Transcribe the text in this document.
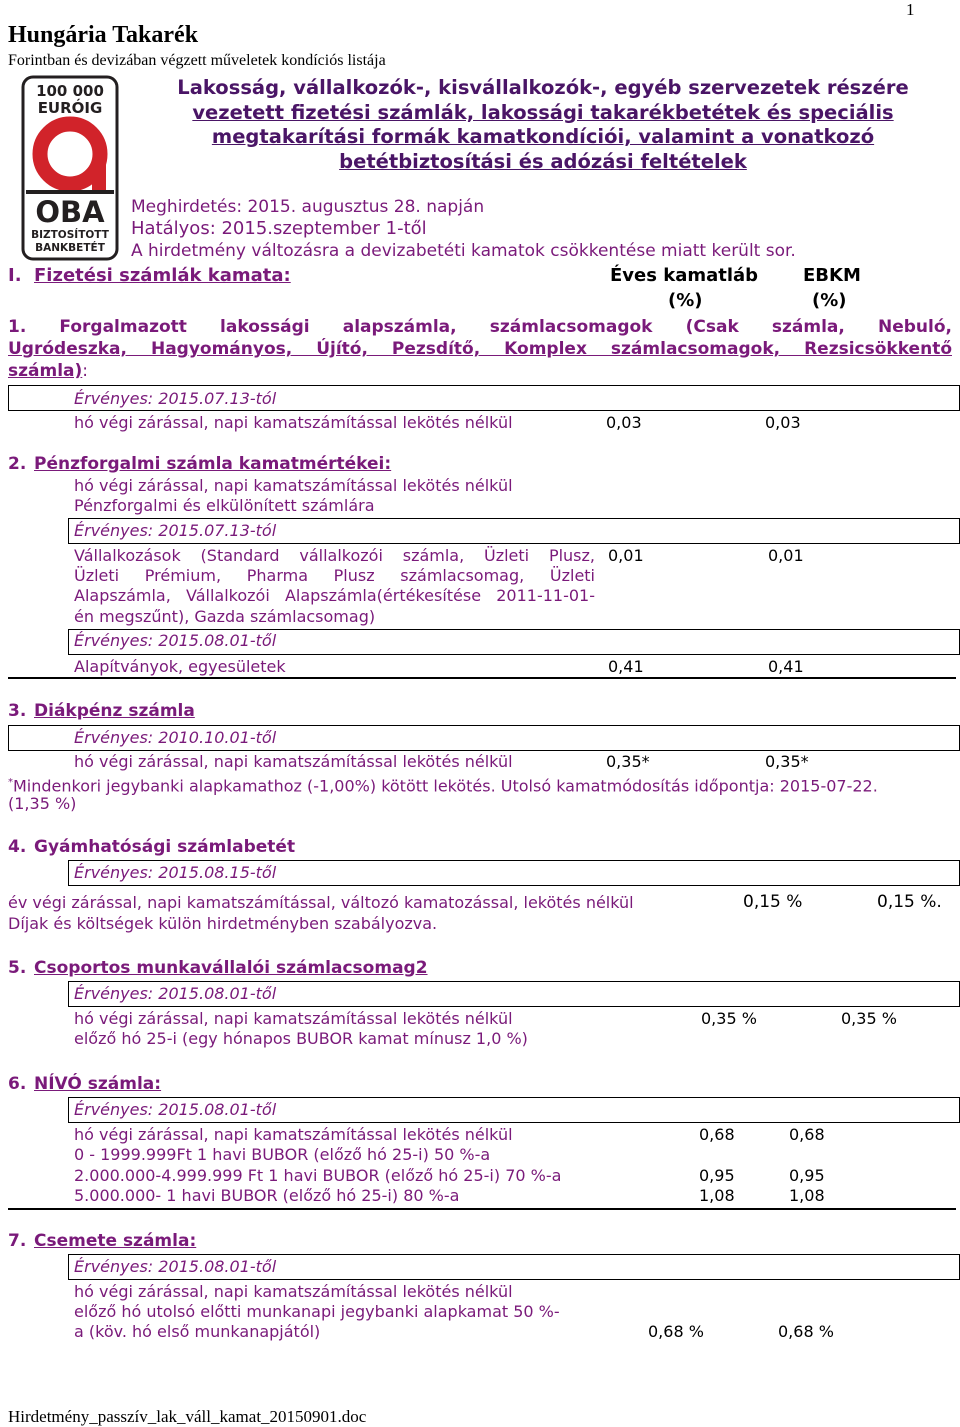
1
Hungária Takarék
Forintban és devizában végzett műveletek kondíciós listája
100 000
EURÓIG
OBA
BIZTOSÍTOTT
BANKBETÉT
Lakosság, vállalkozók-, kisvállalkozók-, egyéb szervezetek részére
vezetett fizetési számlák, lakossági takarékbetétek és speciális
megtakarítási formák kamatkondíciói, valamint a vonatkozó
betétbiztosítási és adózási feltételek
Meghirdetés: 2015. augusztus 28. napján
Hatályos: 2015.szeptember 1-től
A hirdetmény változásra a devizabetéti kamatok csökkentése miatt került sor.
I. Fizetési számlák kamata:	Éves kamatláb
(%)
EBKM
(%)
1. Forgalmazott lakossági alapszámla, számlacsomagok (Csak számla, Nebuló,
Ugródeszka, Hagyományos, Újító, Pezsdítő, Komplex számlacsomagok, Rezsicsökkentő
számla):
Érvényes: 2015.07.13-tól
hó végi zárással, napi kamatszámítással lekötés nélkül	0,03	0,03
2. Pénzforgalmi számla kamatmértékei:
hó végi zárással, napi kamatszámítással lekötés nélkül
Pénzforgalmi és elkülönített számlára
Érvényes: 2015.07.13-tól
Vállalkozások (Standard vállalkozói számla, Üzleti Plusz,
Üzleti Prémium, Pharma Plusz számlacsomag, Üzleti
Alapszámla, Vállalkozói Alapszámla(értékesítése 2011-11-01-
én megszűnt), Gazda számlacsomag)
0,01	0,01
Érvényes: 2015.08.01-től
Alapítványok, egyesületek	0,41	0,41
3. Diákpénz számla
Érvényes: 2010.10.01-től
hó végi zárással, napi kamatszámítással lekötés nélkül	0,35*	0,35*
*Mindenkori jegybanki alapkamathoz (-1,00%) kötött lekötés. Utolsó kamatmódosítás időpontja: 2015-07-22.
(1,35 %)
4. Gyámhatósági számlabetét
Érvényes: 2015.08.15-től
év végi zárással, napi kamatszámítással, változó kamatozással, lekötés nélkül	0,15 %	0,15 %.
Díjak és költségek külön hirdetményben szabályozva.
5. Csoportos munkavállalói számlacsomag2
Érvényes: 2015.08.01-től
hó végi zárással, napi kamatszámítással lekötés nélkül	0,35 %	0,35 %
előző hó 25-i (egy hónapos BUBOR kamat mínusz 1,0 %)
6. NÍVÓ számla:
Érvényes: 2015.08.01-től
hó végi zárással, napi kamatszámítással lekötés nélkül	0,68	0,68
0 - 1999.999Ft 1 havi BUBOR (előző hó 25-i) 50 %-a
2.000.000-4.999.999 Ft 1 havi BUBOR (előző hó 25-i) 70 %-a	0,95	0,95
5.000.000- 1 havi BUBOR (előző hó 25-i) 80 %-a	1,08	1,08
7. Csemete számla:
Érvényes: 2015.08.01-től
hó végi zárással, napi kamatszámítással lekötés nélkül
előző hó utolsó előtti munkanapi jegybanki alapkamat 50 %-
a (köv. hó első munkanapjától)	0,68 %	0,68 %
Hirdetmény_passzív_lak_váll_kamat_20150901.doc
